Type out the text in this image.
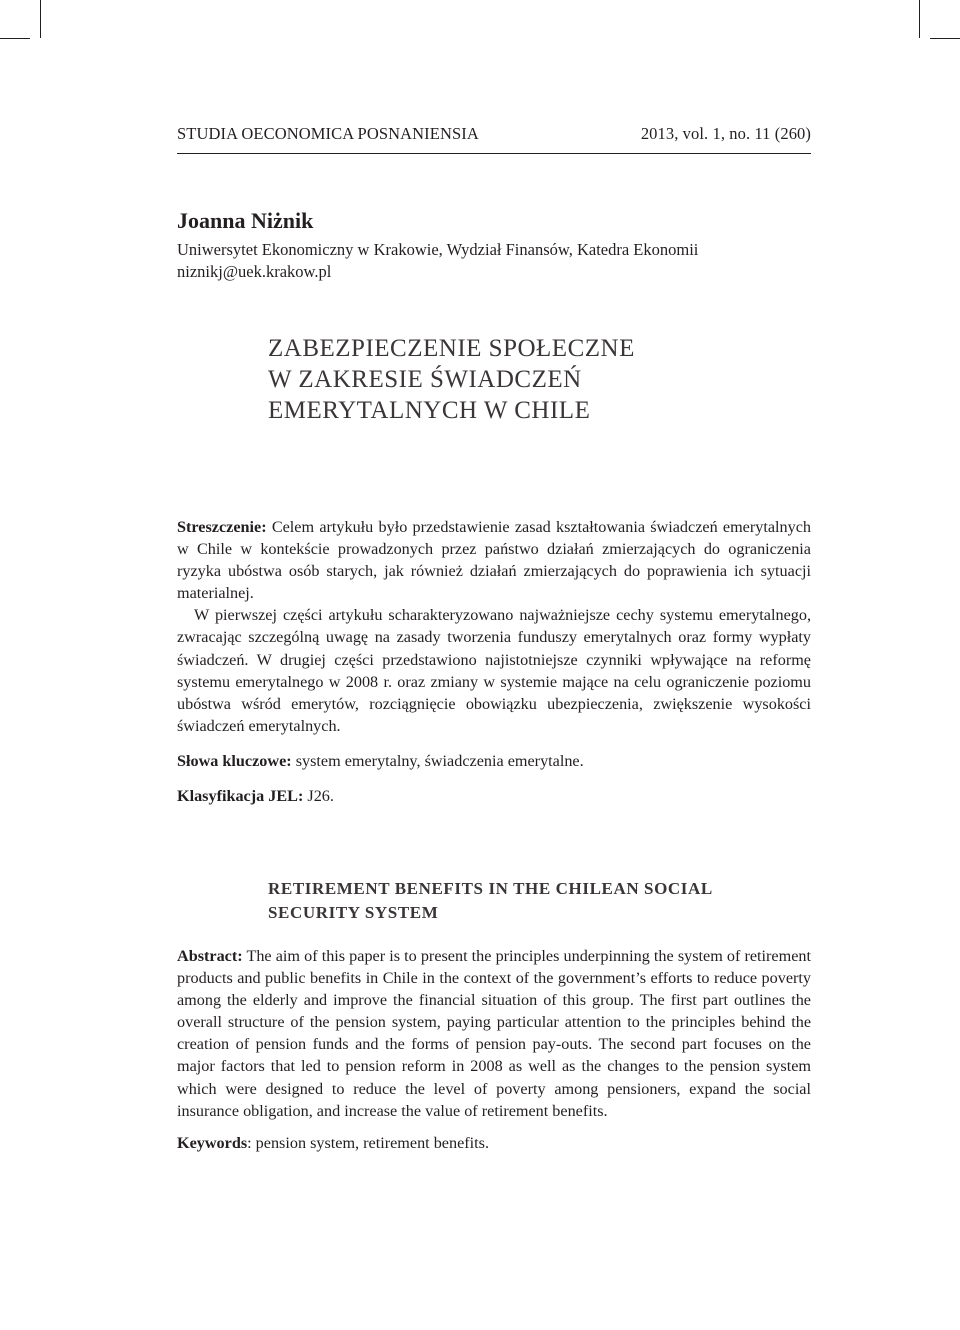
STUDIA OECONOMICA POSNANIENSIA	2013, vol. 1, no. 11 (260)
Joanna Niżnik
Uniwersytet Ekonomiczny w Krakowie, Wydział Finansów, Katedra Ekonomii
niznikj@uek.krakow.pl
ZABEZPIECZENIE SPOŁECZNE
W ZAKRESIE ŚWIADCZEŃ
EMERYTALNYCH W CHILE
Streszczenie: Celem artykułu było przedstawienie zasad kształtowania świadczeń emerytalnych w Chile w kontekście prowadzonych przez państwo działań zmierzających do ograniczenia ryzyka ubóstwa osób starych, jak również działań zmierzających do poprawienia ich sytuacji materialnej.
W pierwszej części artykułu scharakteryzowano najważniejsze cechy systemu emerytalnego, zwracając szczególną uwagę na zasady tworzenia funduszy emerytalnych oraz formy wypłaty świadczeń. W drugiej części przedstawiono najistotniejsze czynniki wpływające na reformę systemu emerytalnego w 2008 r. oraz zmiany w systemie mające na celu ograniczenie poziomu ubóstwa wśród emerytów, rozciągnięcie obowiązku ubezpieczenia, zwiększenie wysokości świadczeń emerytalnych.
Słowa kluczowe: system emerytalny, świadczenia emerytalne.
Klasyfikacja JEL: J26.
RETIREMENT BENEFITS IN THE CHILEAN SOCIAL
SECURITY SYSTEM
Abstract: The aim of this paper is to present the principles underpinning the system of retirement products and public benefits in Chile in the context of the government’s efforts to reduce poverty among the elderly and improve the financial situation of this group. The first part outlines the overall structure of the pension system, paying particular attention to the principles behind the creation of pension funds and the forms of pension pay-outs. The second part focuses on the major factors that led to pension reform in 2008 as well as the changes to the pension system which were designed to reduce the level of poverty among pensioners, expand the social insurance obligation, and increase the value of retirement benefits.
Keywords: pension system, retirement benefits.
